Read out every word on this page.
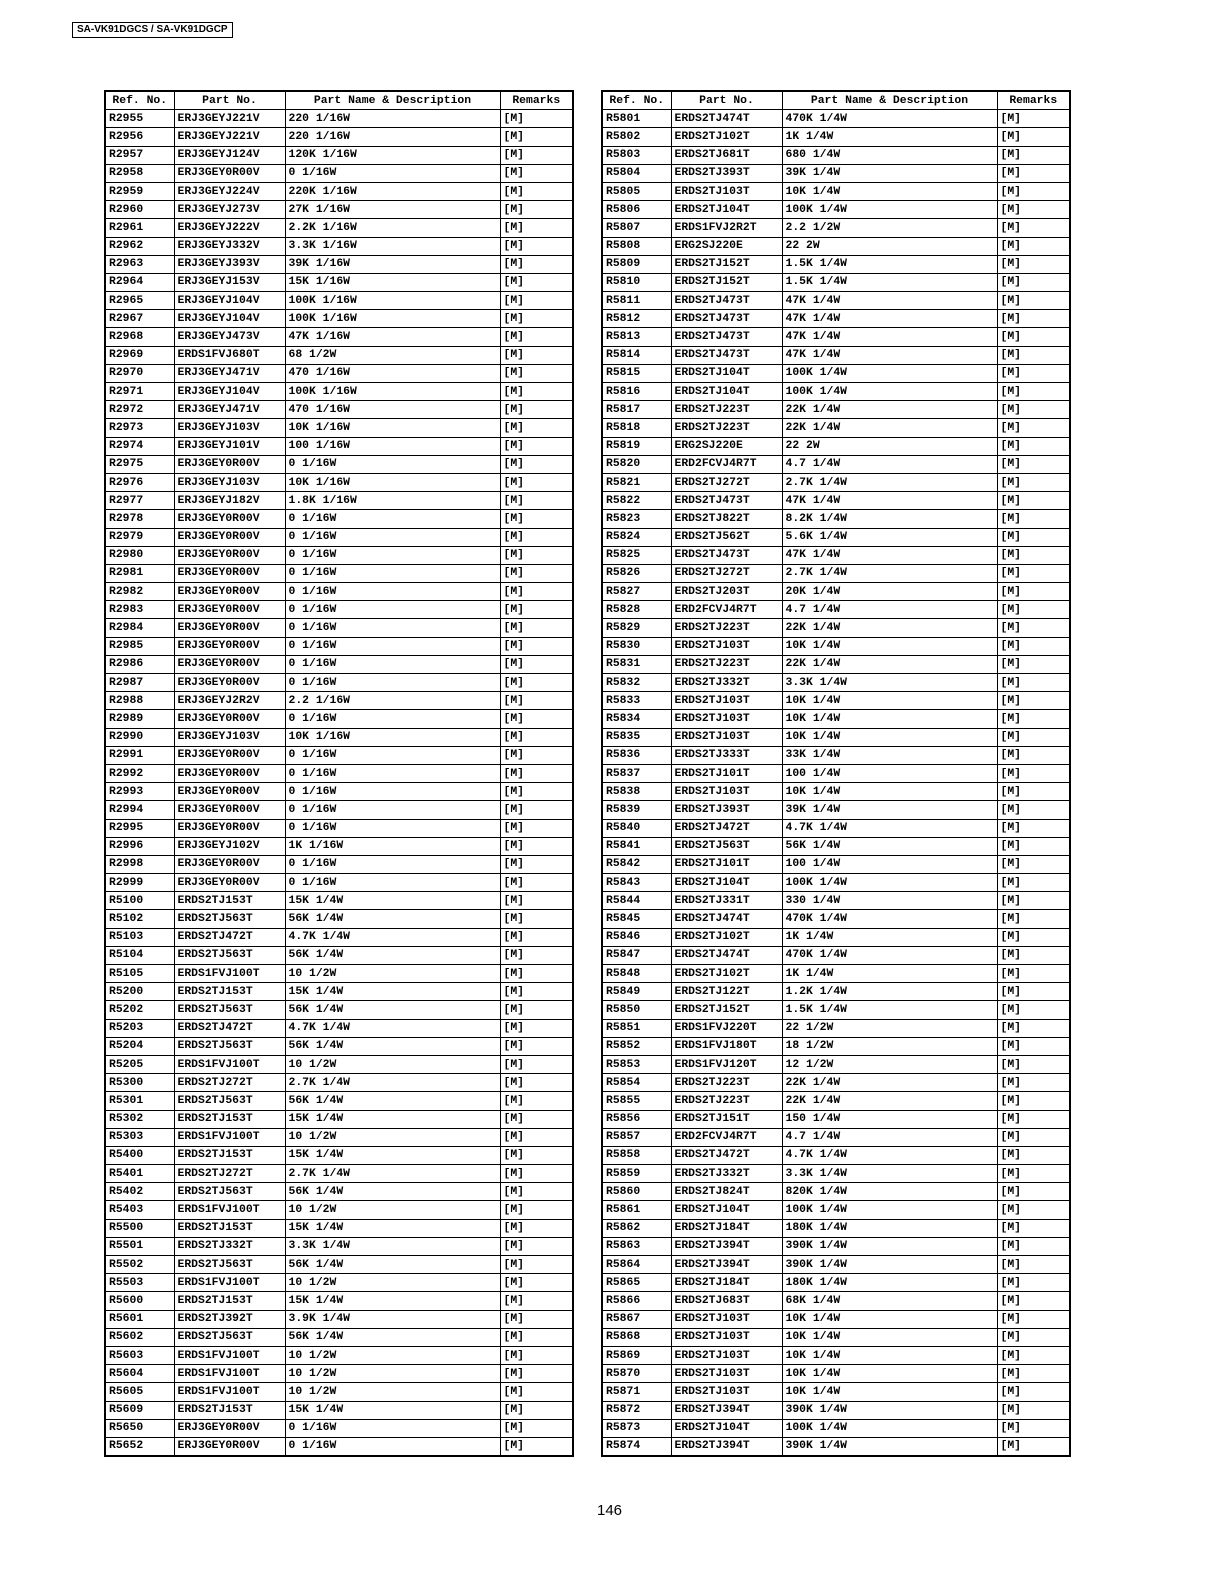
SA-VK91DGCS / SA-VK91DGCP
Ref. No.	Part No.	Part Name & Description	Remarks
R2955	ERJ3GEYJ221V	220 1/16W	[M]
R2956	ERJ3GEYJ221V	220 1/16W	[M]
R2957	ERJ3GEYJ124V	120K 1/16W	[M]
R2958	ERJ3GEY0R00V	0 1/16W	[M]
R2959	ERJ3GEYJ224V	220K 1/16W	[M]
R2960	ERJ3GEYJ273V	27K 1/16W	[M]
R2961	ERJ3GEYJ222V	2.2K 1/16W	[M]
R2962	ERJ3GEYJ332V	3.3K 1/16W	[M]
R2963	ERJ3GEYJ393V	39K 1/16W	[M]
R2964	ERJ3GEYJ153V	15K 1/16W	[M]
R2965	ERJ3GEYJ104V	100K 1/16W	[M]
R2967	ERJ3GEYJ104V	100K 1/16W	[M]
R2968	ERJ3GEYJ473V	47K 1/16W	[M]
R2969	ERDS1FVJ680T	68 1/2W	[M]
R2970	ERJ3GEYJ471V	470 1/16W	[M]
R2971	ERJ3GEYJ104V	100K 1/16W	[M]
R2972	ERJ3GEYJ471V	470 1/16W	[M]
R2973	ERJ3GEYJ103V	10K 1/16W	[M]
R2974	ERJ3GEYJ101V	100 1/16W	[M]
R2975	ERJ3GEY0R00V	0 1/16W	[M]
R2976	ERJ3GEYJ103V	10K 1/16W	[M]
R2977	ERJ3GEYJ182V	1.8K 1/16W	[M]
R2978	ERJ3GEY0R00V	0 1/16W	[M]
R2979	ERJ3GEY0R00V	0 1/16W	[M]
R2980	ERJ3GEY0R00V	0 1/16W	[M]
R2981	ERJ3GEY0R00V	0 1/16W	[M]
R2982	ERJ3GEY0R00V	0 1/16W	[M]
R2983	ERJ3GEY0R00V	0 1/16W	[M]
R2984	ERJ3GEY0R00V	0 1/16W	[M]
R2985	ERJ3GEY0R00V	0 1/16W	[M]
R2986	ERJ3GEY0R00V	0 1/16W	[M]
R2987	ERJ3GEY0R00V	0 1/16W	[M]
R2988	ERJ3GEYJ2R2V	2.2 1/16W	[M]
R2989	ERJ3GEY0R00V	0 1/16W	[M]
R2990	ERJ3GEYJ103V	10K 1/16W	[M]
R2991	ERJ3GEY0R00V	0 1/16W	[M]
R2992	ERJ3GEY0R00V	0 1/16W	[M]
R2993	ERJ3GEY0R00V	0 1/16W	[M]
R2994	ERJ3GEY0R00V	0 1/16W	[M]
R2995	ERJ3GEY0R00V	0 1/16W	[M]
R2996	ERJ3GEYJ102V	1K 1/16W	[M]
R2998	ERJ3GEY0R00V	0 1/16W	[M]
R2999	ERJ3GEY0R00V	0 1/16W	[M]
R5100	ERDS2TJ153T	15K 1/4W	[M]
R5102	ERDS2TJ563T	56K 1/4W	[M]
R5103	ERDS2TJ472T	4.7K 1/4W	[M]
R5104	ERDS2TJ563T	56K 1/4W	[M]
R5105	ERDS1FVJ100T	10 1/2W	[M]
R5200	ERDS2TJ153T	15K 1/4W	[M]
R5202	ERDS2TJ563T	56K 1/4W	[M]
R5203	ERDS2TJ472T	4.7K 1/4W	[M]
R5204	ERDS2TJ563T	56K 1/4W	[M]
R5205	ERDS1FVJ100T	10 1/2W	[M]
R5300	ERDS2TJ272T	2.7K 1/4W	[M]
R5301	ERDS2TJ563T	56K 1/4W	[M]
R5302	ERDS2TJ153T	15K 1/4W	[M]
R5303	ERDS1FVJ100T	10 1/2W	[M]
R5400	ERDS2TJ153T	15K 1/4W	[M]
R5401	ERDS2TJ272T	2.7K 1/4W	[M]
R5402	ERDS2TJ563T	56K 1/4W	[M]
R5403	ERDS1FVJ100T	10 1/2W	[M]
R5500	ERDS2TJ153T	15K 1/4W	[M]
R5501	ERDS2TJ332T	3.3K 1/4W	[M]
R5502	ERDS2TJ563T	56K 1/4W	[M]
R5503	ERDS1FVJ100T	10 1/2W	[M]
R5600	ERDS2TJ153T	15K 1/4W	[M]
R5601	ERDS2TJ392T	3.9K 1/4W	[M]
R5602	ERDS2TJ563T	56K 1/4W	[M]
R5603	ERDS1FVJ100T	10 1/2W	[M]
R5604	ERDS1FVJ100T	10 1/2W	[M]
R5605	ERDS1FVJ100T	10 1/2W	[M]
R5609	ERDS2TJ153T	15K 1/4W	[M]
R5650	ERJ3GEY0R00V	0 1/16W	[M]
R5652	ERJ3GEY0R00V	0 1/16W	[M]
Ref. No.	Part No.	Part Name & Description	Remarks
R5801	ERDS2TJ474T	470K 1/4W	[M]
R5802	ERDS2TJ102T	1K 1/4W	[M]
R5803	ERDS2TJ681T	680 1/4W	[M]
R5804	ERDS2TJ393T	39K 1/4W	[M]
R5805	ERDS2TJ103T	10K 1/4W	[M]
R5806	ERDS2TJ104T	100K 1/4W	[M]
R5807	ERDS1FVJ2R2T	2.2 1/2W	[M]
R5808	ERG2SJ220E	22 2W	[M]
R5809	ERDS2TJ152T	1.5K 1/4W	[M]
R5810	ERDS2TJ152T	1.5K 1/4W	[M]
R5811	ERDS2TJ473T	47K 1/4W	[M]
R5812	ERDS2TJ473T	47K 1/4W	[M]
R5813	ERDS2TJ473T	47K 1/4W	[M]
R5814	ERDS2TJ473T	47K 1/4W	[M]
R5815	ERDS2TJ104T	100K 1/4W	[M]
R5816	ERDS2TJ104T	100K 1/4W	[M]
R5817	ERDS2TJ223T	22K 1/4W	[M]
R5818	ERDS2TJ223T	22K 1/4W	[M]
R5819	ERG2SJ220E	22 2W	[M]
R5820	ERD2FCVJ4R7T	4.7 1/4W	[M]
R5821	ERDS2TJ272T	2.7K 1/4W	[M]
R5822	ERDS2TJ473T	47K 1/4W	[M]
R5823	ERDS2TJ822T	8.2K 1/4W	[M]
R5824	ERDS2TJ562T	5.6K 1/4W	[M]
R5825	ERDS2TJ473T	47K 1/4W	[M]
R5826	ERDS2TJ272T	2.7K 1/4W	[M]
R5827	ERDS2TJ203T	20K 1/4W	[M]
R5828	ERD2FCVJ4R7T	4.7 1/4W	[M]
R5829	ERDS2TJ223T	22K 1/4W	[M]
R5830	ERDS2TJ103T	10K 1/4W	[M]
R5831	ERDS2TJ223T	22K 1/4W	[M]
R5832	ERDS2TJ332T	3.3K 1/4W	[M]
R5833	ERDS2TJ103T	10K 1/4W	[M]
R5834	ERDS2TJ103T	10K 1/4W	[M]
R5835	ERDS2TJ103T	10K 1/4W	[M]
R5836	ERDS2TJ333T	33K 1/4W	[M]
R5837	ERDS2TJ101T	100 1/4W	[M]
R5838	ERDS2TJ103T	10K 1/4W	[M]
R5839	ERDS2TJ393T	39K 1/4W	[M]
R5840	ERDS2TJ472T	4.7K 1/4W	[M]
R5841	ERDS2TJ563T	56K 1/4W	[M]
R5842	ERDS2TJ101T	100 1/4W	[M]
R5843	ERDS2TJ104T	100K 1/4W	[M]
R5844	ERDS2TJ331T	330 1/4W	[M]
R5845	ERDS2TJ474T	470K 1/4W	[M]
R5846	ERDS2TJ102T	1K 1/4W	[M]
R5847	ERDS2TJ474T	470K 1/4W	[M]
R5848	ERDS2TJ102T	1K 1/4W	[M]
R5849	ERDS2TJ122T	1.2K 1/4W	[M]
R5850	ERDS2TJ152T	1.5K 1/4W	[M]
R5851	ERDS1FVJ220T	22 1/2W	[M]
R5852	ERDS1FVJ180T	18 1/2W	[M]
R5853	ERDS1FVJ120T	12 1/2W	[M]
R5854	ERDS2TJ223T	22K 1/4W	[M]
R5855	ERDS2TJ223T	22K 1/4W	[M]
R5856	ERDS2TJ151T	150 1/4W	[M]
R5857	ERD2FCVJ4R7T	4.7 1/4W	[M]
R5858	ERDS2TJ472T	4.7K 1/4W	[M]
R5859	ERDS2TJ332T	3.3K 1/4W	[M]
R5860	ERDS2TJ824T	820K 1/4W	[M]
R5861	ERDS2TJ104T	100K 1/4W	[M]
R5862	ERDS2TJ184T	180K 1/4W	[M]
R5863	ERDS2TJ394T	390K 1/4W	[M]
R5864	ERDS2TJ394T	390K 1/4W	[M]
R5865	ERDS2TJ184T	180K 1/4W	[M]
R5866	ERDS2TJ683T	68K 1/4W	[M]
R5867	ERDS2TJ103T	10K 1/4W	[M]
R5868	ERDS2TJ103T	10K 1/4W	[M]
R5869	ERDS2TJ103T	10K 1/4W	[M]
R5870	ERDS2TJ103T	10K 1/4W	[M]
R5871	ERDS2TJ103T	10K 1/4W	[M]
R5872	ERDS2TJ394T	390K 1/4W	[M]
R5873	ERDS2TJ104T	100K 1/4W	[M]
R5874	ERDS2TJ394T	390K 1/4W	[M]
146
